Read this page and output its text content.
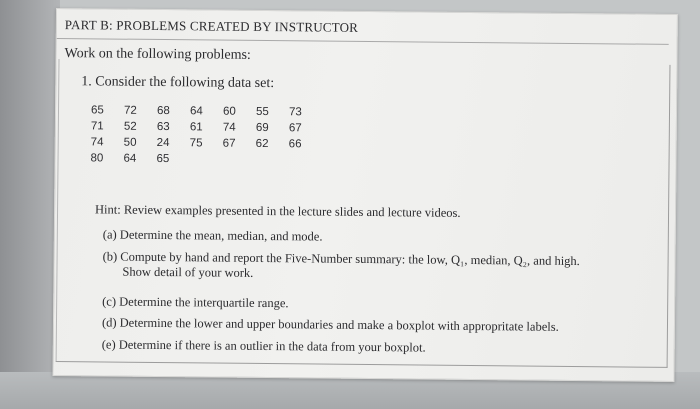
PART B: PROBLEMS CREATED BY INSTRUCTOR
Work on the following problems:
1. Consider the following data set:
65	72	68	64	60	55	73
71	52	63	61	74	69	67
74	50	24	75	67	62	66
80	64	65				
Hint: Review examples presented in the lecture slides and lecture videos.
(a) Determine the mean, median, and mode.
(b) Compute by hand and report the Five-Number summary: the low, Q₁, median, Q₂, and high.
Show detail of your work.
(c) Determine the interquartile range.
(d) Determine the lower and upper boundaries and make a boxplot with appropritate labels.
(e) Determine if there is an outlier in the data from your boxplot.
